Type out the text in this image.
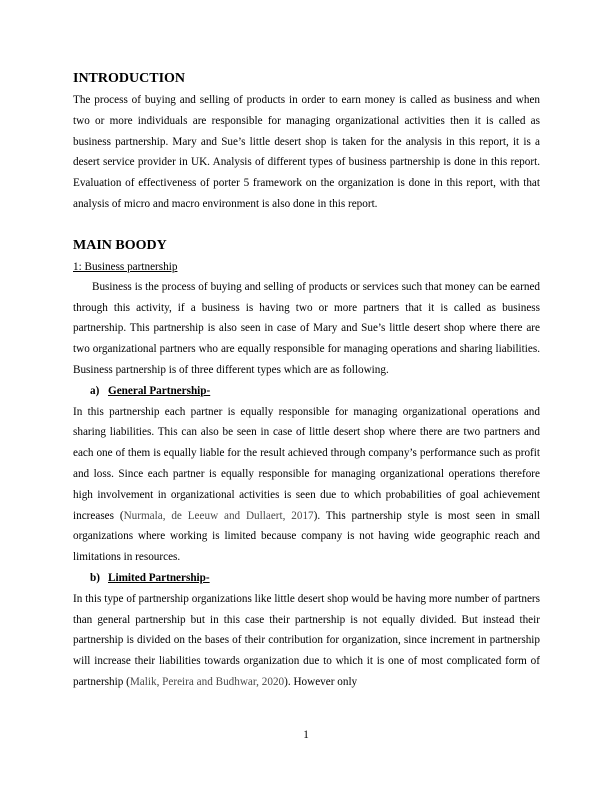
INTRODUCTION

The process of buying and selling of products in order to earn money is called as business and when two or more individuals are responsible for managing organizational activities then it is called as business partnership. Mary and Sue’s little desert shop is taken for the analysis in this report, it is a desert service provider in UK. Analysis of different types of business partnership is done in this report. Evaluation of effectiveness of porter 5 framework on the organization is done in this report, with that analysis of micro and macro environment is also done in this report.

MAIN BOODY

1: Business partnership

Business is the process of buying and selling of products or services such that money can be earned through this activity, if a business is having two or more partners that it is called as business partnership. This partnership is also seen in case of Mary and Sue’s little desert shop where there are two organizational partners who are equally responsible for managing operations and sharing liabilities. Business partnership is of three different types which are as following.

a) General Partnership-

In this partnership each partner is equally responsible for managing organizational operations and sharing liabilities. This can also be seen in case of little desert shop where there are two partners and each one of them is equally liable for the result achieved through company’s performance such as profit and loss. Since each partner is equally responsible for managing organizational operations therefore high involvement in organizational activities is seen due to which probabilities of goal achievement increases (Nurmala, de Leeuw and Dullaert, 2017). This partnership style is most seen in small organizations where working is limited because company is not having wide geographic reach and limitations in resources.

b) Limited Partnership-

In this type of partnership organizations like little desert shop would be having more number of partners than general partnership but in this case their partnership is not equally divided. But instead their partnership is divided on the bases of their contribution for organization, since increment in partnership will increase their liabilities towards organization due to which it is one of most complicated form of partnership (Malik, Pereira and Budhwar, 2020). However only

1
